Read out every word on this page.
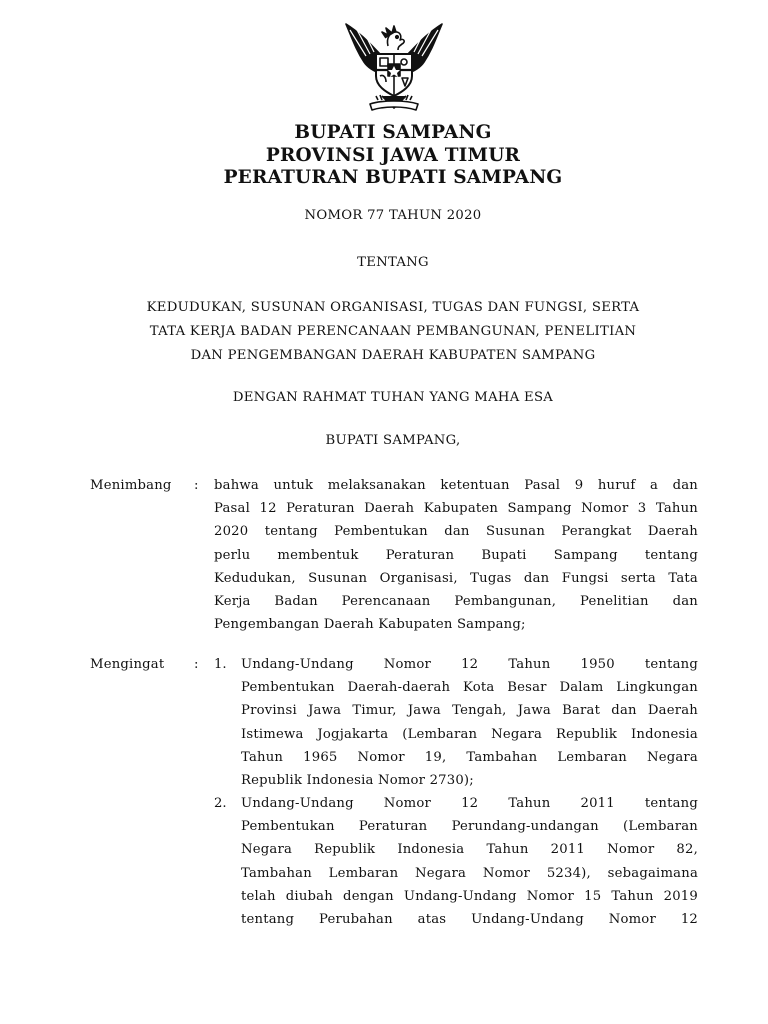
BUPATI SAMPANG
PROVINSI JAWA TIMUR
PERATURAN BUPATI SAMPANG
NOMOR 77 TAHUN 2020
TENTANG
KEDUDUKAN, SUSUNAN ORGANISASI, TUGAS DAN FUNGSI, SERTA
TATA KERJA BADAN PERENCANAAN PEMBANGUNAN, PENELITIAN
DAN PENGEMBANGAN DAERAH KABUPATEN SAMPANG
DENGAN RAHMAT TUHAN YANG MAHA ESA
BUPATI SAMPANG,
Menimbang : bahwa untuk melaksanakan ketentuan Pasal 9 huruf a dan
Pasal 12 Peraturan Daerah Kabupaten Sampang Nomor 3 Tahun
2020 tentang Pembentukan dan Susunan Perangkat Daerah
perlu membentuk Peraturan Bupati Sampang tentang
Kedudukan, Susunan Organisasi, Tugas dan Fungsi serta Tata
Kerja Badan Perencanaan Pembangunan, Penelitian dan
Pengembangan Daerah Kabupaten Sampang;
Mengingat : 1. Undang-Undang Nomor 12 Tahun 1950 tentang
Pembentukan Daerah-daerah Kota Besar Dalam Lingkungan
Provinsi Jawa Timur, Jawa Tengah, Jawa Barat dan Daerah
Istimewa Jogjakarta (Lembaran Negara Republik Indonesia
Tahun 1965 Nomor 19, Tambahan Lembaran Negara
Republik Indonesia Nomor 2730);
2. Undang-Undang Nomor 12 Tahun 2011 tentang
Pembentukan Peraturan Perundang-undangan (Lembaran
Negara Republik Indonesia Tahun 2011 Nomor 82,
Tambahan Lembaran Negara Nomor 5234), sebagaimana
telah diubah dengan Undang-Undang Nomor 15 Tahun 2019
tentang Perubahan atas Undang-Undang Nomor 12
